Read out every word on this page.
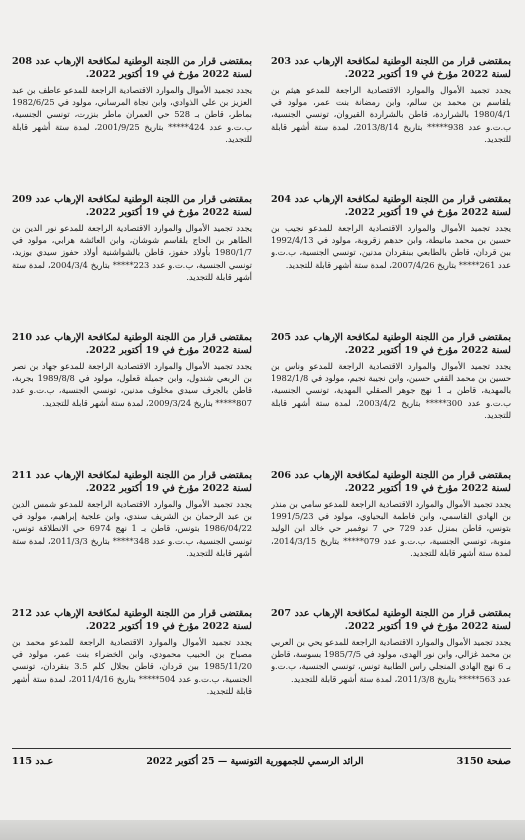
بمقتضى قرار من اللجنة الوطنية لمكافحة الإرهاب عدد 203 لسنة 2022 مؤرخ في 19 أكتوبر 2022.

يجدد تجميد الأموال والموارد الاقتصادية الراجعة للمدعو هيثم بن بلقاسم بن محمد بن سالم، وابن رمضانة بنت عمر، مولود في 1980/4/1 بالشراردة، قاطن بالشراردة القيروان، تونسي الجنسية، ب.ت.و عدد 938***** بتاريخ 2013/8/14، لمدة ستة أشهر قابلة للتجديد.

بمقتضى قرار من اللجنة الوطنية لمكافحة الإرهاب عدد 204 لسنة 2022 مؤرخ في 19 أكتوبر 2022.

يجدد تجميد الأموال والموارد الاقتصادية الراجعة للمدعو نجيب بن حسين بن محمد مانيطة، وابن حدهم زقروبة، مولود في 1992/4/13 ببن قردان، قاطن بالطابعي ببنقردان مدنين، تونسي الجنسية، ب.ت.و عدد 261***** بتاريخ 2007/4/26، لمدة ستة أشهر قابلة للتجديد.

بمقتضى قرار من اللجنة الوطنية لمكافحة الإرهاب عدد 205 لسنة 2022 مؤرخ في 19 أكتوبر 2022.

يجدد تجميد الأموال والموارد الاقتصادية الراجعة للمدعو وناس بن حسين بن محمد القفي حسين، وابن نجيبة نجيم، مولود في 1982/1/8 بالمهدية، قاطن بـ 1 نهج جوهر الصقلي المهدية، تونسي الجنسية، ب.ت.و عدد 300***** بتاريخ 2003/4/2، لمدة ستة أشهر قابلة للتجديد.

بمقتضى قرار من اللجنة الوطنية لمكافحة الإرهاب عدد 206 لسنة 2022 مؤرخ في 19 أكتوبر 2022.

يجدد تجميد الأموال والموارد الاقتصادية الراجعة للمدعو سامي بن منذر بن الهادي القاسمي، وابن فاطمة البحياوي، مولود في 1991/5/23 بتونس، قاطن بمنزل عدد 729 حي 7 نوفمبر حي خالد ابن الوليد منوبة، تونسي الجنسية، ب.ت.و عدد 079***** بتاريخ 2014/3/15، لمدة ستة أشهر قابلة للتجديد.

بمقتضى قرار من اللجنة الوطنية لمكافحة الإرهاب عدد 207 لسنة 2022 مؤرخ في 19 أكتوبر 2022.

يجدد تجميد الأموال والموارد الاقتصادية الراجعة للمدعو يحي بن العربي بن محمد غزالي، وابن نور الهدى، مولود في 1985/7/5 بسوسة، قاطن بـ 6 نهج الهادي المنجلي راس الطابية تونس، تونسي الجنسية، ب.ت.و عدد 563***** بتاريخ 2011/3/8، لمدة ستة أشهر قابلة للتجديد.

بمقتضى قرار من اللجنة الوطنية لمكافحة الإرهاب عدد 208 لسنة 2022 مؤرخ في 19 أكتوبر 2022.

يجدد تجميد الأموال والموارد الاقتصادية الراجعة للمدعو عاطف بن عبد العزيز بن علي الذوادي، وابن نجاة المرساني، مولود في 1982/6/25 بماطر، قاطن بـ 528 حي العمران ماطر بنزرت، تونسي الجنسية، ب.ت.و عدد 424***** بتاريخ 2001/9/25، لمدة ستة أشهر قابلة للتجديد.

بمقتضى قرار من اللجنة الوطنية لمكافحة الإرهاب عدد 209 لسنة 2022 مؤرخ في 19 أكتوبر 2022.

يجدد تجميد الأموال والموارد الاقتصادية الراجعة للمدعو نور الدين بن الطاهر بن الحاج بلقاسم شوشان، وابن العائشة هرابي، مولود في 1980/1/7 بأولاد حفوز، قاطن بالشواشنية أولاد حفوز سيدي بوزيد، تونسي الجنسية، ب.ت.و عدد 223***** بتاريخ 2004/3/4، لمدة ستة أشهر قابلة للتجديد.

بمقتضى قرار من اللجنة الوطنية لمكافحة الإرهاب عدد 210 لسنة 2022 مؤرخ في 19 أكتوبر 2022.

يجدد تجميد الأموال والموارد الاقتصادية الراجعة للمدعو جهاد بن نصر بن الربعي شندول، وابن جميلة قعلول، مولود في 1989/8/8 بجربة، قاطن بالجرف سيدي مخلوف مدنين، تونسي الجنسية، ب.ت.و عدد 807***** بتاريخ 2009/3/24، لمدة ستة أشهر قابلة للتجديد.

بمقتضى قرار من اللجنة الوطنية لمكافحة الإرهاب عدد 211 لسنة 2022 مؤرخ في 19 أكتوبر 2022.

يجدد تجميد الأموال والموارد الاقتصادية الراجعة للمدعو شمس الدين بن عبد الرحمان بن الشريف سندي، وابن علجية إبراهيم، مولود في 1986/04/22 بتونس، قاطن بـ 1 نهج 6974 حي الانطلاقة تونس، تونسي الجنسية، ب.ت.و عدد 348***** بتاريخ 2011/3/3، لمدة ستة أشهر قابلة للتجديد.

بمقتضى قرار من اللجنة الوطنية لمكافحة الإرهاب عدد 212 لسنة 2022 مؤرخ في 19 أكتوبر 2022.

يجدد تجميد الأموال والموارد الاقتصادية الراجعة للمدعو محمد بن مصباح بن الحبيب محمودي، وابن الخضراء بنت عمر، مولود في 1985/11/20 ببن قردان، قاطن بجلال كلم 3.5 بنقردان، تونسي الجنسية، ب.ت.و عدد 504***** بتاريخ 2011/4/16، لمدة ستة أشهر قابلة للتجديد.

صفحة 3150
الرائد الرسمي للجمهورية التونسية — 25 أكتوبر 2022
عـدد 115
